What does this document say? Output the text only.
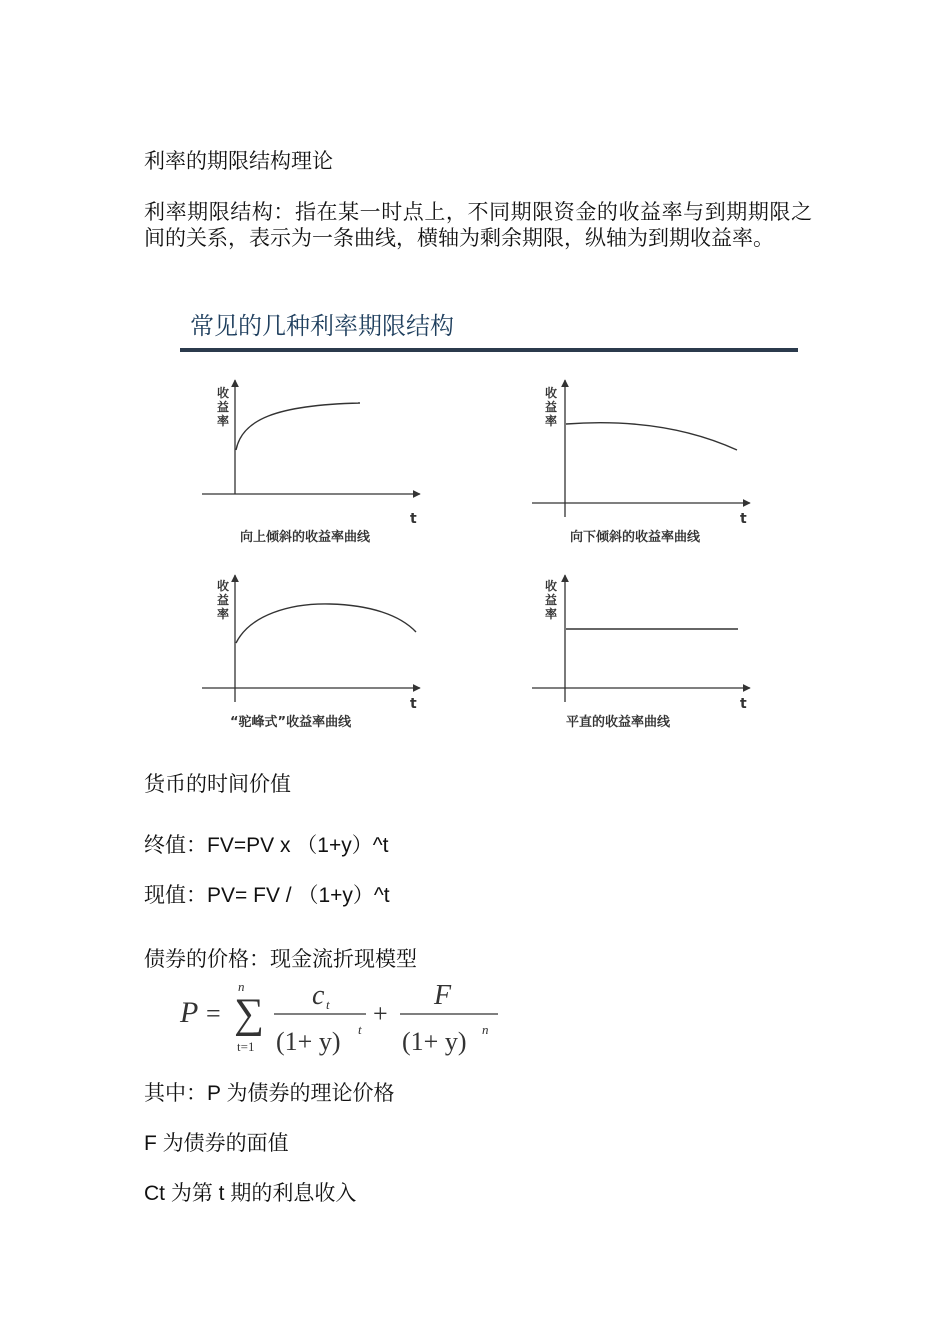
利率的期限结构理论
利率期限结构：指在某一时点上，不同期限资金的收益率与到期期限之间的关系，表示为一条曲线，横轴为剩余期限，纵轴为到期收益率。
常见的几种利率期限结构
收
益
率
t
向上倾斜的收益率曲线
收
益
率
t
向下倾斜的收益率曲线
收
益
率
t
“驼峰式”收益率曲线
收
益
率
t
平直的收益率曲线
货币的时间价值
终值：FV=PV x （1+y）^t
现值：PV= FV / （1+y）^t
债券的价格：现金流折现模型
P =
n
∑
t=1
c t
(1+ y) t
+
F
(1+ y) n
其中：P 为债券的理论价格
F 为债券的面值
Ct 为第 t 期的利息收入
